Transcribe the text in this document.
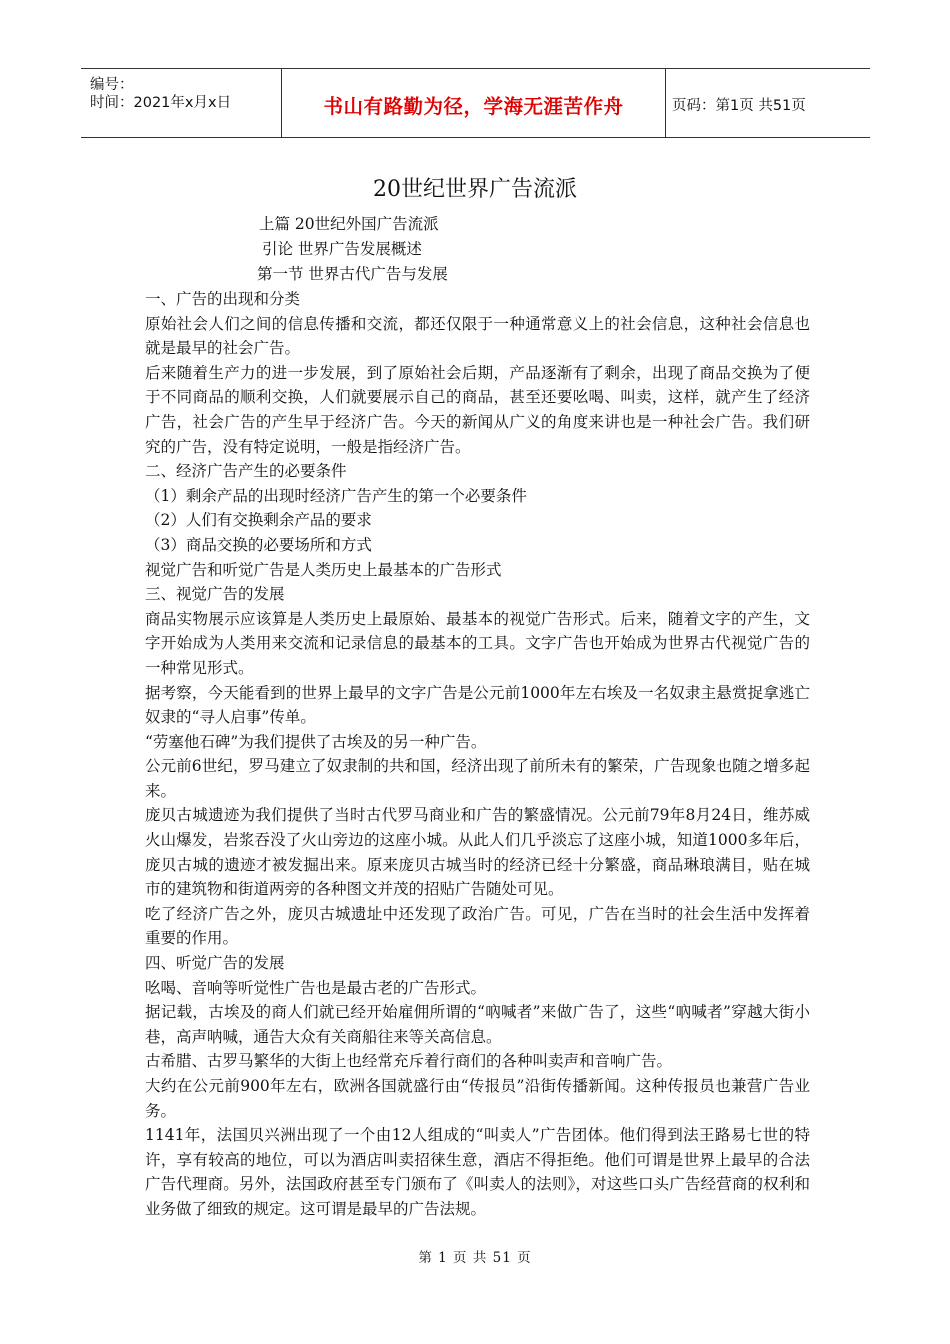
编号：
时间：2021年x月x日	书山有路勤为径，学海无涯苦作舟	页码：第1页 共51页
20世纪世界广告流派
上篇 20世纪外国广告流派
引论 世界广告发展概述
第一节 世界古代广告与发展

一、广告的出现和分类

原始社会人们之间的信息传播和交流，都还仅限于一种通常意义上的社会信息，这种社会信息也就是最早的社会广告。

后来随着生产力的进一步发展，到了原始社会后期，产品逐渐有了剩余，出现了商品交换为了便于不同商品的顺利交换，人们就要展示自己的商品，甚至还要吆喝、叫卖，这样，就产生了经济广告，社会广告的产生早于经济广告。今天的新闻从广义的角度来讲也是一种社会广告。我们研究的广告，没有特定说明，一般是指经济广告。

二、经济广告产生的必要条件

（1）剩余产品的出现时经济广告产生的第一个必要条件

（2）人们有交换剩余产品的要求

（3）商品交换的必要场所和方式

视觉广告和听觉广告是人类历史上最基本的广告形式

三、视觉广告的发展

商品实物展示应该算是人类历史上最原始、最基本的视觉广告形式。后来，随着文字的产生，文字开始成为人类用来交流和记录信息的最基本的工具。文字广告也开始成为世界古代视觉广告的一种常见形式。

据考察，今天能看到的世界上最早的文字广告是公元前1000年左右埃及一名奴隶主悬赏捉拿逃亡奴隶的“寻人启事”传单。

“劳塞他石碑”为我们提供了古埃及的另一种广告。

公元前6世纪，罗马建立了奴隶制的共和国，经济出现了前所未有的繁荣，广告现象也随之增多起来。

庞贝古城遗迹为我们提供了当时古代罗马商业和广告的繁盛情况。公元前79年8月24日，维苏威火山爆发，岩浆吞没了火山旁边的这座小城。从此人们几乎淡忘了这座小城，知道1000多年后，庞贝古城的遗迹才被发掘出来。原来庞贝古城当时的经济已经十分繁盛，商品琳琅满目，贴在城市的建筑物和街道两旁的各种图文并茂的招贴广告随处可见。

吃了经济广告之外，庞贝古城遗址中还发现了政治广告。可见，广告在当时的社会生活中发挥着重要的作用。

四、听觉广告的发展

吆喝、音响等听觉性广告也是最古老的广告形式。

据记载，古埃及的商人们就已经开始雇佣所谓的“吶喊者”来做广告了，这些“吶喊者”穿越大街小巷，高声呐喊，通告大众有关商船往来等关高信息。

古希腊、古罗马繁华的大街上也经常充斥着行商们的各种叫卖声和音响广告。

大约在公元前900年左右，欧洲各国就盛行由“传报员”沿街传播新闻。这种传报员也兼营广告业务。

1141年，法国贝兴洲出现了一个由12人组成的“叫卖人”广告团体。他们得到法王路易七世的特许，享有较高的地位，可以为酒店叫卖招徕生意，酒店不得拒绝。他们可谓是世界上最早的合法广告代理商。另外，法国政府甚至专门颁布了《叫卖人的法则》，对这些口头广告经营商的权利和业务做了细致的规定。这可谓是最早的广告法规。

第 1 页 共 51 页
